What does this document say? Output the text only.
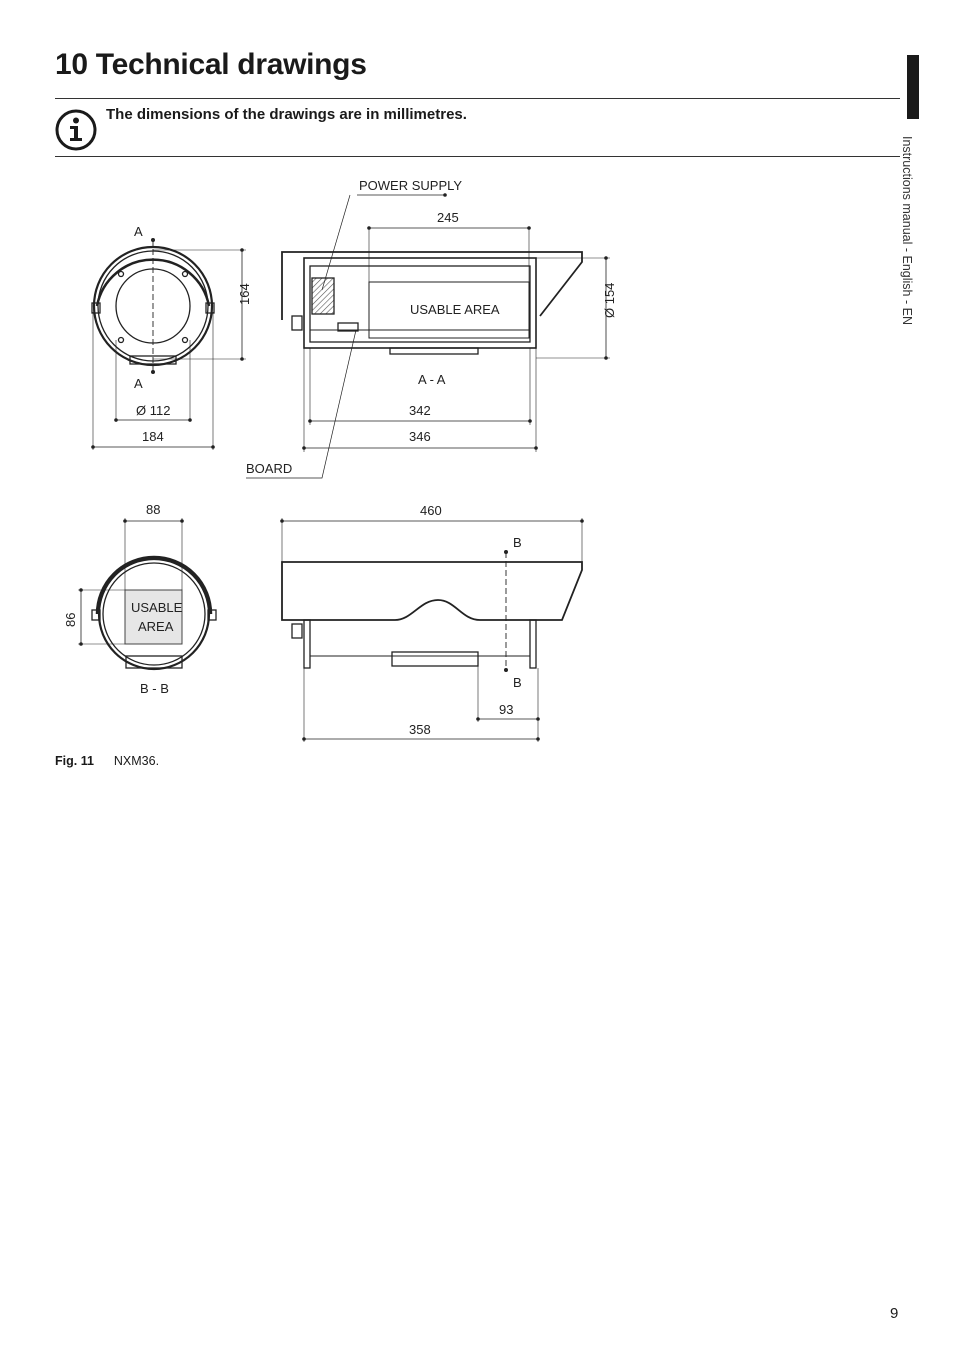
10 Technical drawings
Instructions manual - English - EN
The dimensions of the drawings are in millimetres.
A
A
164
Ø 112
184
POWER SUPPLY
245
USABLE AREA	Ø 154
A - A
342
346
BOARD
88
86
USABLE
AREA
B - B
460
B
B
93
358
Fig. 11 NXM36.
9
